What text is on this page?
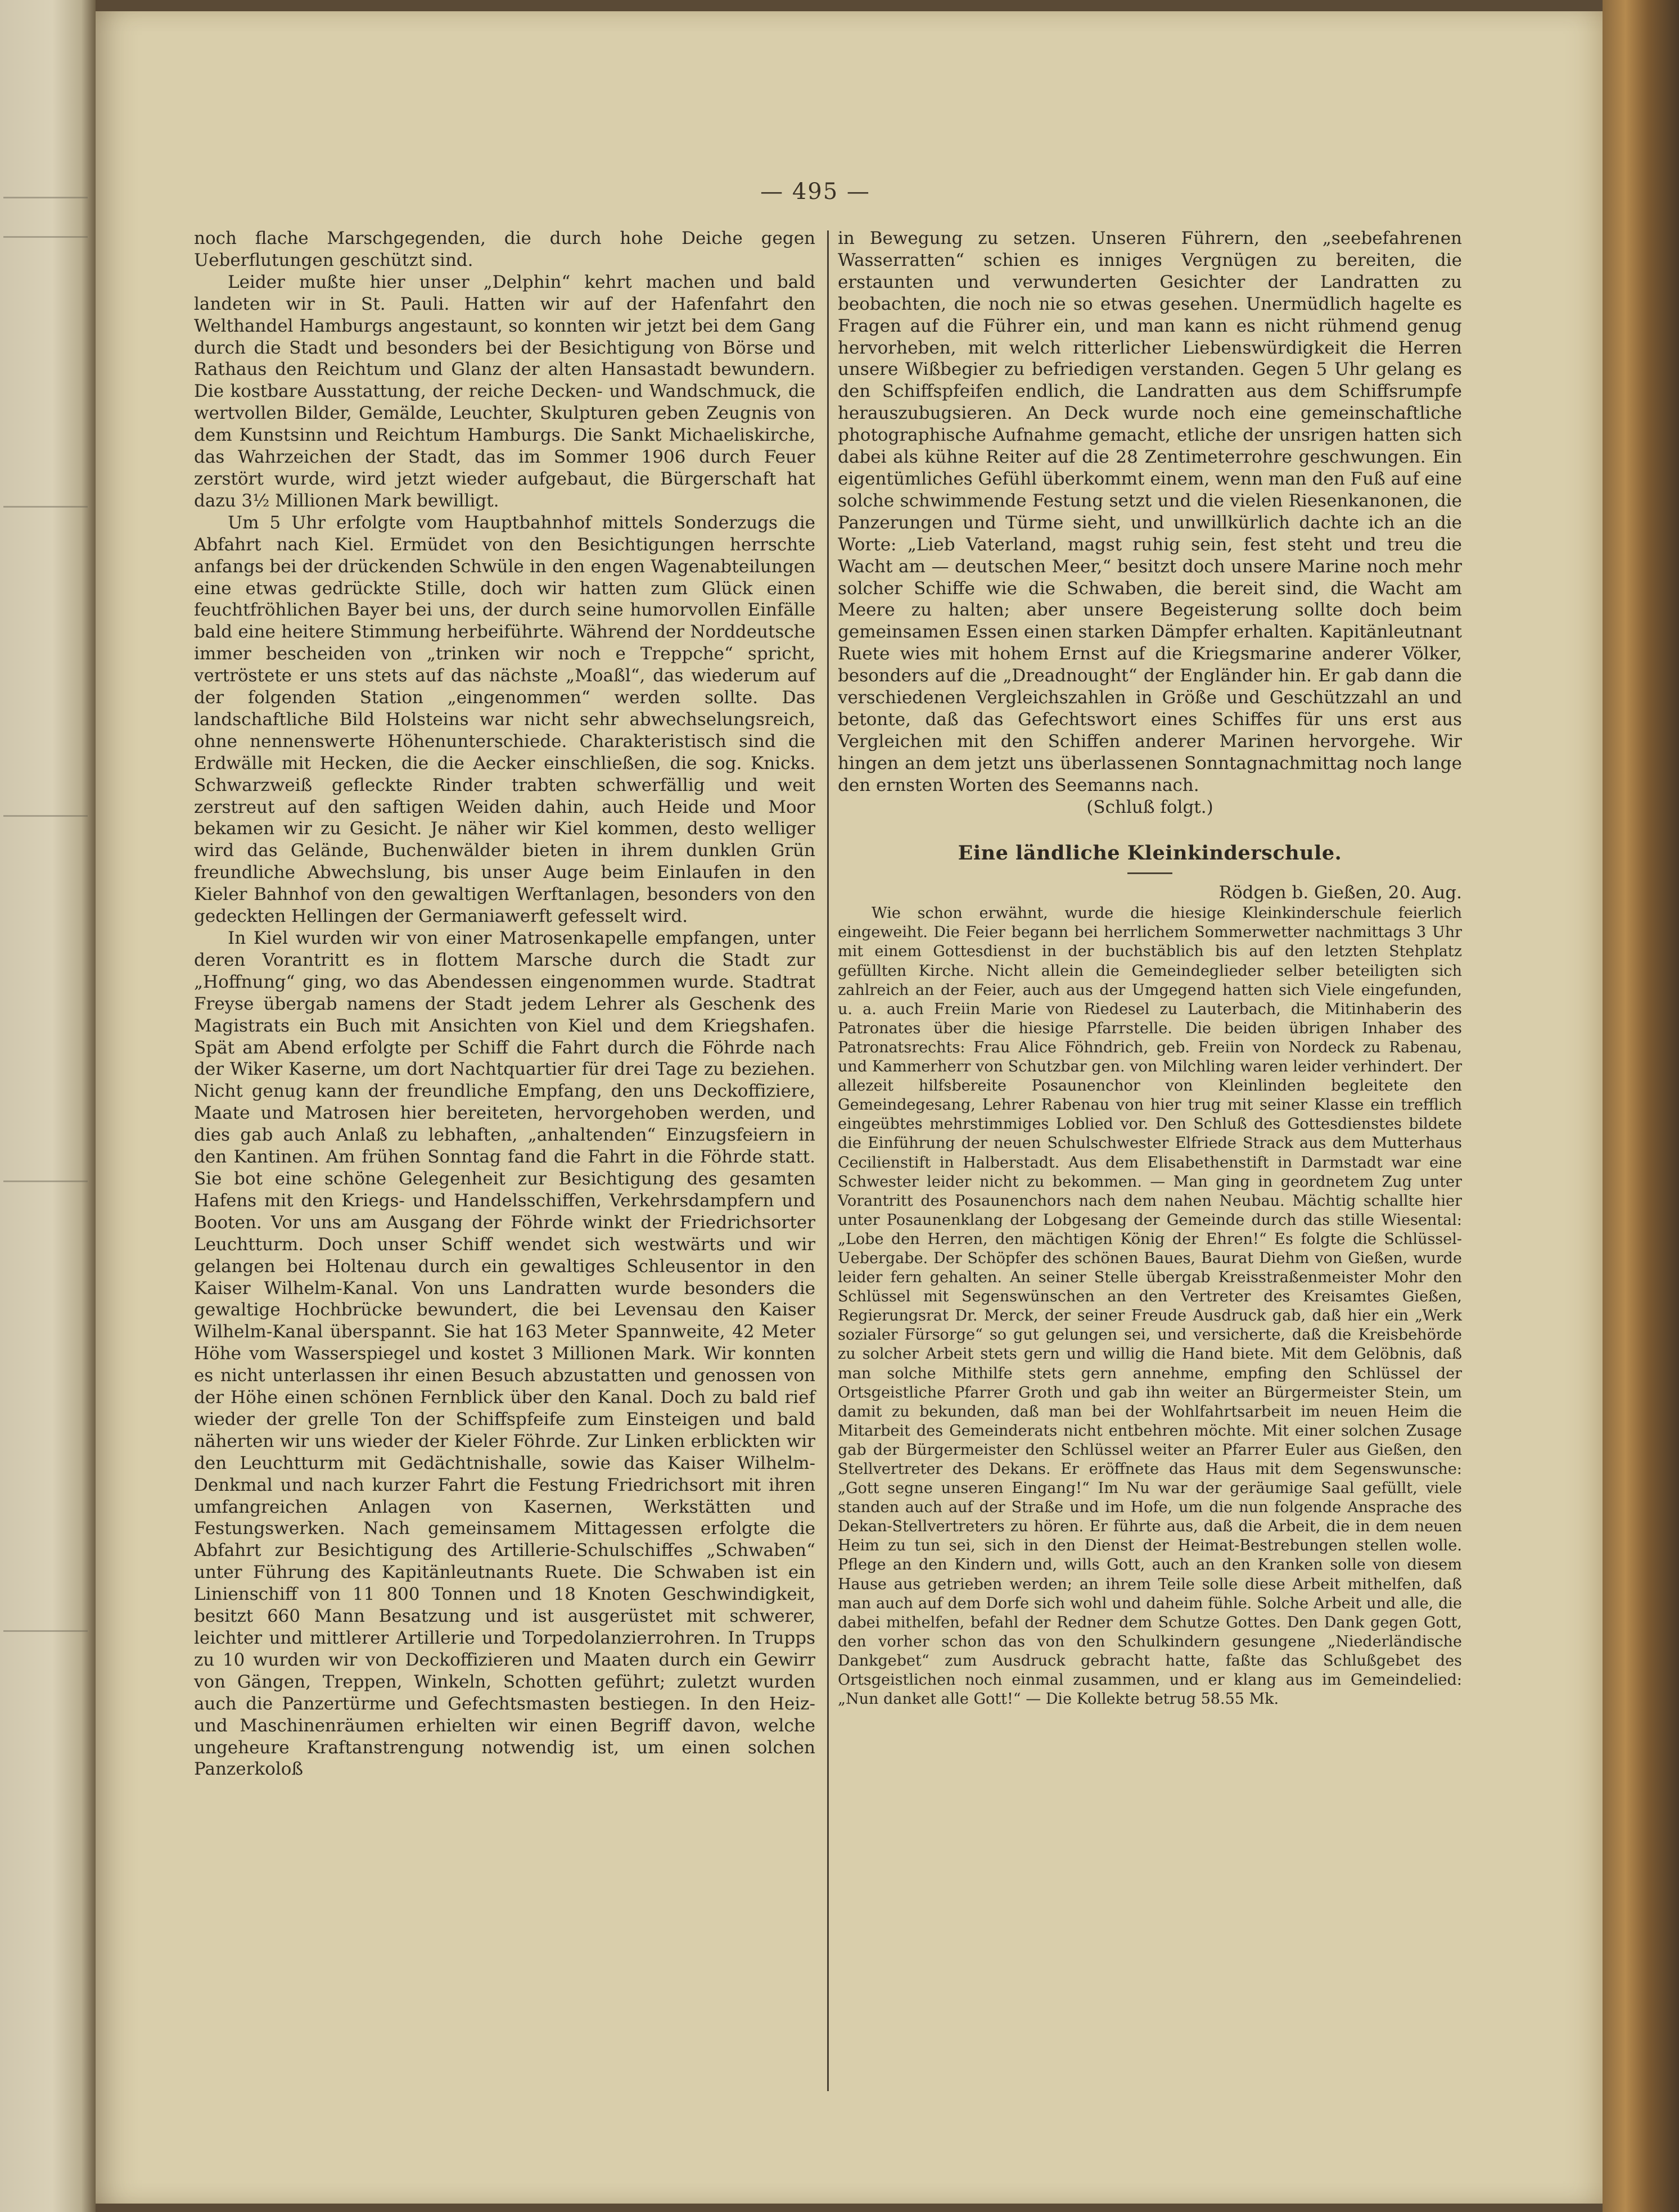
— 495 —

noch flache Marschgegenden, die durch hohe Deiche gegen Ueberflutungen geschützt sind.

Leider mußte hier unser „Delphin“ kehrt machen und bald landeten wir in St. Pauli. Hatten wir auf der Hafenfahrt den Welthandel Hamburgs angestaunt, so konnten wir jetzt bei dem Gang durch die Stadt und besonders bei der Besichtigung von Börse und Rathaus den Reichtum und Glanz der alten Hansastadt bewundern. Die kostbare Ausstattung, der reiche Decken- und Wandschmuck, die wertvollen Bilder, Gemälde, Leuchter, Skulpturen geben Zeugnis von dem Kunstsinn und Reichtum Hamburgs. Die Sankt Michaeliskirche, das Wahrzeichen der Stadt, das im Sommer 1906 durch Feuer zerstört wurde, wird jetzt wieder aufgebaut, die Bürgerschaft hat dazu 3½ Millionen Mark bewilligt.

Um 5 Uhr erfolgte vom Hauptbahnhof mittels Sonderzugs die Abfahrt nach Kiel. Ermüdet von den Besichtigungen herrschte anfangs bei der drückenden Schwüle in den engen Wagenabteilungen eine etwas gedrückte Stille, doch wir hatten zum Glück einen feuchtfröhlichen Bayer bei uns, der durch seine humorvollen Einfälle bald eine heitere Stimmung herbeiführte. Während der Norddeutsche immer bescheiden von „trinken wir noch e Treppche“ spricht, vertröstete er uns stets auf das nächste „Moaßl“, das wiederum auf der folgenden Station „eingenommen“ werden sollte. Das landschaftliche Bild Holsteins war nicht sehr abwechselungsreich, ohne nennenswerte Höhenunterschiede. Charakteristisch sind die Erdwälle mit Hecken, die die Aecker einschließen, die sog. Knicks. Schwarzweiß gefleckte Rinder trabten schwerfällig und weit zerstreut auf den saftigen Weiden dahin, auch Heide und Moor bekamen wir zu Gesicht. Je näher wir Kiel kommen, desto welliger wird das Gelände, Buchenwälder bieten in ihrem dunklen Grün freundliche Abwechslung, bis unser Auge beim Einlaufen in den Kieler Bahnhof von den gewaltigen Werftanlagen, besonders von den gedeckten Hellingen der Germaniawerft gefesselt wird.

In Kiel wurden wir von einer Matrosenkapelle empfangen, unter deren Vorantritt es in flottem Marsche durch die Stadt zur „Hoffnung“ ging, wo das Abendessen eingenommen wurde. Stadtrat Freyse übergab namens der Stadt jedem Lehrer als Geschenk des Magistrats ein Buch mit Ansichten von Kiel und dem Kriegshafen. Spät am Abend erfolgte per Schiff die Fahrt durch die Föhrde nach der Wiker Kaserne, um dort Nachtquartier für drei Tage zu beziehen. Nicht genug kann der freundliche Empfang, den uns Deckoffiziere, Maate und Matrosen hier bereiteten, hervorgehoben werden, und dies gab auch Anlaß zu lebhaften, „anhaltenden“ Einzugsfeiern in den Kantinen. Am frühen Sonntag fand die Fahrt in die Föhrde statt. Sie bot eine schöne Gelegenheit zur Besichtigung des gesamten Hafens mit den Kriegs- und Handelsschiffen, Verkehrsdampfern und Booten. Vor uns am Ausgang der Föhrde winkt der Friedrichsorter Leuchtturm. Doch unser Schiff wendet sich westwärts und wir gelangen bei Holtenau durch ein gewaltiges Schleusentor in den Kaiser Wilhelm-Kanal. Von uns Landratten wurde besonders die gewaltige Hochbrücke bewundert, die bei Levensau den Kaiser Wilhelm-Kanal überspannt. Sie hat 163 Meter Spannweite, 42 Meter Höhe vom Wasserspiegel und kostet 3 Millionen Mark. Wir konnten es nicht unterlassen ihr einen Besuch abzustatten und genossen von der Höhe einen schönen Fernblick über den Kanal. Doch zu bald rief wieder der grelle Ton der Schiffspfeife zum Einsteigen und bald näherten wir uns wieder der Kieler Föhrde. Zur Linken erblickten wir den Leuchtturm mit Gedächtnishalle, sowie das Kaiser Wilhelm-Denkmal und nach kurzer Fahrt die Festung Friedrichsort mit ihren umfangreichen Anlagen von Kasernen, Werkstätten und Festungswerken. Nach gemeinsamem Mittagessen erfolgte die Abfahrt zur Besichtigung des Artillerie-Schulschiffes „Schwaben“ unter Führung des Kapitänleutnants Ruete. Die Schwaben ist ein Linienschiff von 11 800 Tonnen und 18 Knoten Geschwindigkeit, besitzt 660 Mann Besatzung und ist ausgerüstet mit schwerer, leichter und mittlerer Artillerie und Torpedolanzierrohren. In Trupps zu 10 wurden wir von Deckoffizieren und Maaten durch ein Gewirr von Gängen, Treppen, Winkeln, Schotten geführt; zuletzt wurden auch die Panzertürme und Gefechtsmasten bestiegen. In den Heiz- und Maschinenräumen erhielten wir einen Begriff davon, welche ungeheure Kraftanstrengung notwendig ist, um einen solchen Panzerkoloß

in Bewegung zu setzen. Unseren Führern, den „seebefahrenen Wasserratten“ schien es inniges Vergnügen zu bereiten, die erstaunten und verwunderten Gesichter der Landratten zu beobachten, die noch nie so etwas gesehen. Unermüdlich hagelte es Fragen auf die Führer ein, und man kann es nicht rühmend genug hervorheben, mit welch ritterlicher Liebenswürdigkeit die Herren unsere Wißbegier zu befriedigen verstanden. Gegen 5 Uhr gelang es den Schiffspfeifen endlich, die Landratten aus dem Schiffsrumpfe herauszubugsieren. An Deck wurde noch eine gemeinschaftliche photographische Aufnahme gemacht, etliche der unsrigen hatten sich dabei als kühne Reiter auf die 28 Zentimeterrohre geschwungen. Ein eigentümliches Gefühl überkommt einem, wenn man den Fuß auf eine solche schwimmende Festung setzt und die vielen Riesenkanonen, die Panzerungen und Türme sieht, und unwillkürlich dachte ich an die Worte: „Lieb Vaterland, magst ruhig sein, fest steht und treu die Wacht am — deutschen Meer,“ besitzt doch unsere Marine noch mehr solcher Schiffe wie die Schwaben, die bereit sind, die Wacht am Meere zu halten; aber unsere Begeisterung sollte doch beim gemeinsamen Essen einen starken Dämpfer erhalten. Kapitänleutnant Ruete wies mit hohem Ernst auf die Kriegsmarine anderer Völker, besonders auf die „Dreadnought“ der Engländer hin. Er gab dann die verschiedenen Vergleichszahlen in Größe und Geschützzahl an und betonte, daß das Gefechtswort eines Schiffes für uns erst aus Vergleichen mit den Schiffen anderer Marinen hervorgehe. Wir hingen an dem jetzt uns überlassenen Sonntagnachmittag noch lange den ernsten Worten des Seemanns nach.

(Schluß folgt.)

Eine ländliche Kleinkinderschule.

Rödgen b. Gießen, 20. Aug.

Wie schon erwähnt, wurde die hiesige Kleinkinderschule feierlich eingeweiht. Die Feier begann bei herrlichem Sommerwetter nachmittags 3 Uhr mit einem Gottesdienst in der buchstäblich bis auf den letzten Stehplatz gefüllten Kirche. Nicht allein die Gemeindeglieder selber beteiligten sich zahlreich an der Feier, auch aus der Umgegend hatten sich Viele eingefunden, u. a. auch Freiin Marie von Riedesel zu Lauterbach, die Mitinhaberin des Patronates über die hiesige Pfarrstelle. Die beiden übrigen Inhaber des Patronatsrechts: Frau Alice Föhndrich, geb. Freiin von Nordeck zu Rabenau, und Kammerherr von Schutzbar gen. von Milchling waren leider verhindert. Der allezeit hilfsbereite Posaunenchor von Kleinlinden begleitete den Gemeindegesang, Lehrer Rabenau von hier trug mit seiner Klasse ein trefflich eingeübtes mehrstimmiges Loblied vor. Den Schluß des Gottesdienstes bildete die Einführung der neuen Schulschwester Elfriede Strack aus dem Mutterhaus Cecilienstift in Halberstadt. Aus dem Elisabethenstift in Darmstadt war eine Schwester leider nicht zu bekommen. — Man ging in geordnetem Zug unter Vorantritt des Posaunenchors nach dem nahen Neubau. Mächtig schallte hier unter Posaunenklang der Lobgesang der Gemeinde durch das stille Wiesental: „Lobe den Herren, den mächtigen König der Ehren!“ Es folgte die Schlüssel-Uebergabe. Der Schöpfer des schönen Baues, Baurat Diehm von Gießen, wurde leider fern gehalten. An seiner Stelle übergab Kreisstraßenmeister Mohr den Schlüssel mit Segenswünschen an den Vertreter des Kreisamtes Gießen, Regierungsrat Dr. Merck, der seiner Freude Ausdruck gab, daß hier ein „Werk sozialer Fürsorge“ so gut gelungen sei, und versicherte, daß die Kreisbehörde zu solcher Arbeit stets gern und willig die Hand biete. Mit dem Gelöbnis, daß man solche Mithilfe stets gern annehme, empfing den Schlüssel der Ortsgeistliche Pfarrer Groth und gab ihn weiter an Bürgermeister Stein, um damit zu bekunden, daß man bei der Wohlfahrtsarbeit im neuen Heim die Mitarbeit des Gemeinderats nicht entbehren möchte. Mit einer solchen Zusage gab der Bürgermeister den Schlüssel weiter an Pfarrer Euler aus Gießen, den Stellvertreter des Dekans. Er eröffnete das Haus mit dem Segenswunsche: „Gott segne unseren Eingang!“ Im Nu war der geräumige Saal gefüllt, viele standen auch auf der Straße und im Hofe, um die nun folgende Ansprache des Dekan-Stellvertreters zu hören. Er führte aus, daß die Arbeit, die in dem neuen Heim zu tun sei, sich in den Dienst der Heimat-Bestrebungen stellen wolle. Pflege an den Kindern und, wills Gott, auch an den Kranken solle von diesem Hause aus getrieben werden; an ihrem Teile solle diese Arbeit mithelfen, daß man auch auf dem Dorfe sich wohl und daheim fühle. Solche Arbeit und alle, die dabei mithelfen, befahl der Redner dem Schutze Gottes. Den Dank gegen Gott, den vorher schon das von den Schulkindern gesungene „Niederländische Dankgebet“ zum Ausdruck gebracht hatte, faßte das Schlußgebet des Ortsgeistlichen noch einmal zusammen, und er klang aus im Gemeindelied: „Nun danket alle Gott!“ — Die Kollekte betrug 58.55 Mk.
